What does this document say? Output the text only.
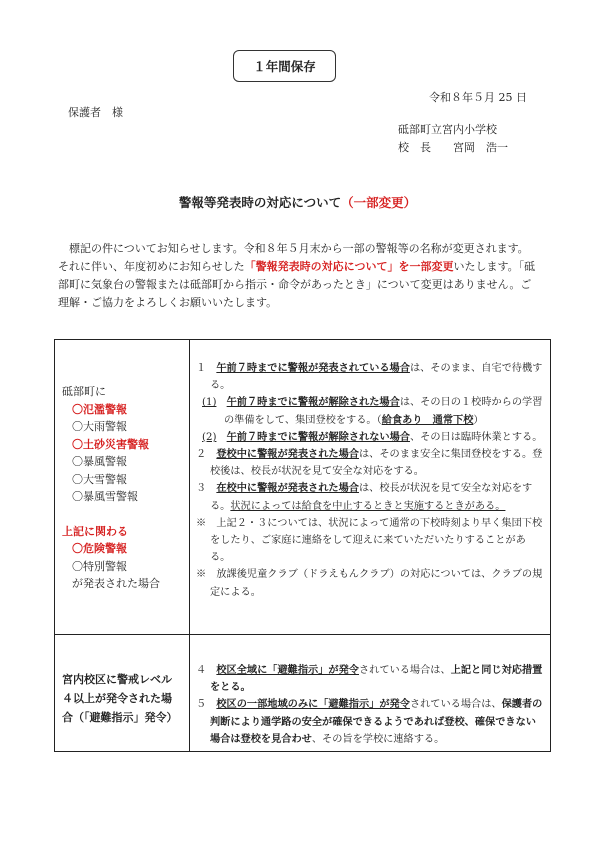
１年間保存
令和８年５月 25 日
保護者　様
砥部町立宮内小学校
校　長　　宮岡　浩一
警報等発表時の対応について（一部変更）
　標記の件についてお知らせします。令和８年５月末から一部の警報等の名称が変更されます。それに伴い、年度初めにお知らせした「警報発表時の対応について」を一部変更いたします。「砥部町に気象台の警報または砥部町から指示・命令があったとき」について変更はありません。ご理解・ご協力をよろしくお願いいたします。
砥部町に
〇氾濫警報
〇大雨警報
〇土砂災害警報
〇暴風警報
〇大雪警報
〇暴風雪警報
上記に関わる
〇危険警報
〇特別警報
が発表された場合
１　 午前７時までに警報が発表されている場合は、そのまま、自宅で待機する。
(1)　 午前７時までに警報が解除された場合は、その日の１校時からの学習の準備をして、集団登校をする。（給食あり　通常下校）
(2)　 午前７時までに警報が解除されない場合、その日は臨時休業とする。
２　 登校中に警報が発表された場合は、そのまま安全に集団登校をする。登校後は、校長が状況を見て安全な対応をする。
３　 在校中に警報が発表された場合は、校長が状況を見て安全な対応をする。状況によっては給食を中止するときと実施するときがある。
※　 上記２・３については、状況によって通常の下校時刻より早く集団下校をしたり、ご家庭に連絡をして迎えに来ていただいたりすることがある。
※　 放課後児童クラブ（ドラえもんクラブ）の対応については、クラブの規定による。
宮内校区に警戒レベル４以上が発令された場合（「避難指示」発令）
４　 校区全域に「避難指示」が発令されている場合は、上記と同じ対応措置をとる。
５　 校区の一部地域のみに「避難指示」が発令されている場合は、保護者の判断により通学路の安全が確保できるようであれば登校、確保できない場合は登校を見合わせ、その旨を学校に連絡する。
